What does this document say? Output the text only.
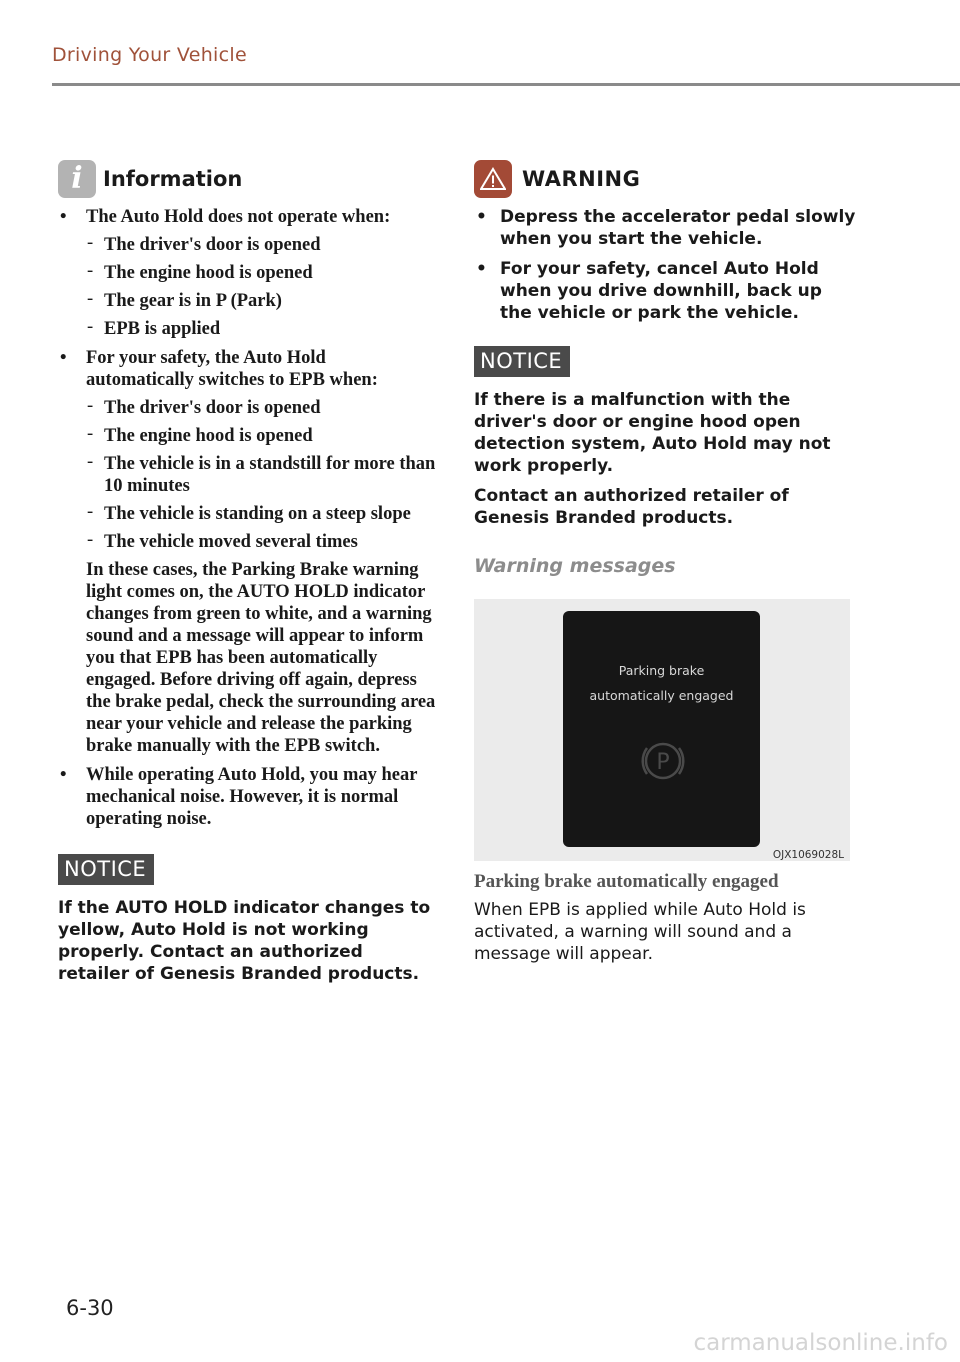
Driving Your Vehicle
i Information
• The Auto Hold does not operate when:
- The driver's door is opened
- The engine hood is opened
- The gear is in P (Park)
- EPB is applied
• For your safety, the Auto Hold automatically switches to EPB when:
- The driver's door is opened
- The engine hood is opened
- The vehicle is in a standstill for more than 10 minutes
- The vehicle is standing on a steep slope
- The vehicle moved several times
In these cases, the Parking Brake warning light comes on, the AUTO HOLD indicator changes from green to white, and a warning sound and a message will appear to inform you that EPB has been automatically engaged. Before driving off again, depress the brake pedal, check the surrounding area near your vehicle and release the parking brake manually with the EPB switch.
• While operating Auto Hold, you may hear mechanical noise. However, it is normal operating noise.
NOTICE

If the AUTO HOLD indicator changes to yellow, Auto Hold is not working properly. Contact an authorized retailer of Genesis Branded products.

WARNING
• Depress the accelerator pedal slowly when you start the vehicle.
• For your safety, cancel Auto Hold when you drive downhill, back up the vehicle or park the vehicle.
NOTICE

If there is a malfunction with the driver's door or engine hood open detection system, Auto Hold may not work properly.

Contact an authorized retailer of Genesis Branded products.

Warning messages
Parking brake
automatically engaged
P
OJX1069028L
Parking brake automatically engaged

When EPB is applied while Auto Hold is activated, a warning will sound and a message will appear.

6-30
carmanualsonline.info
